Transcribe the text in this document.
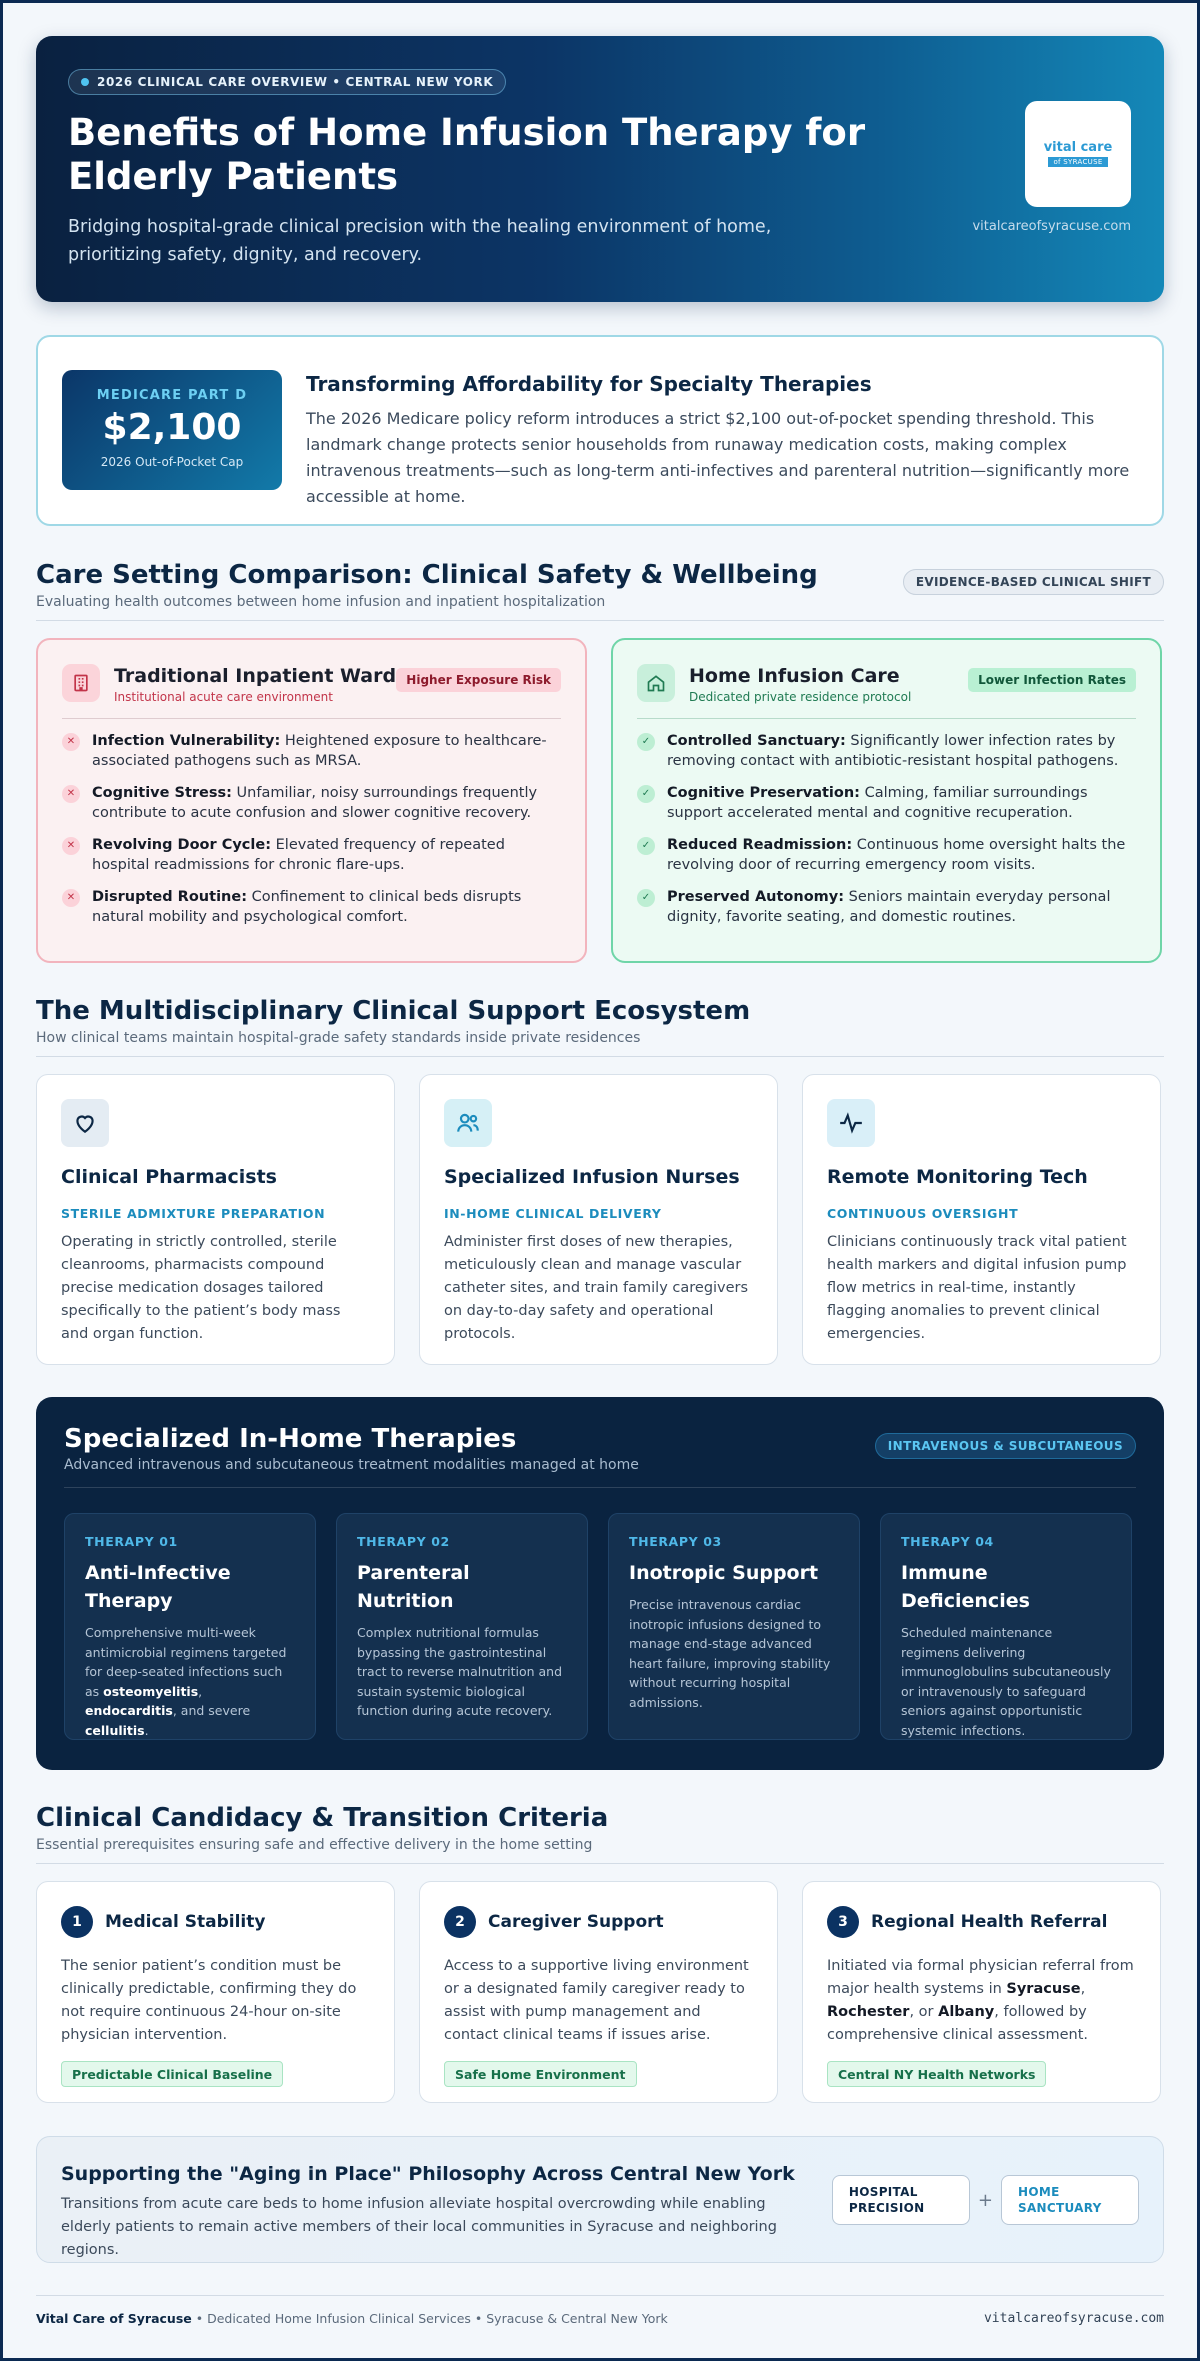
2026 CLINICAL CARE OVERVIEW • CENTRAL NEW YORK
Benefits of Home Infusion Therapy for Elderly Patients

Bridging hospital-grade clinical precision with the healing environment of home, prioritizing safety, dignity, and recovery.

vital care
of SYRACUSE
vitalcareofsyracuse.com
MEDICARE PART D
$2,100
2026 Out-of-Pocket Cap
Transforming Affordability for Specialty Therapies

The 2026 Medicare policy reform introduces a strict $2,100 out-of-pocket spending threshold. This landmark change protects senior households from runaway medication costs, making complex intravenous treatments—such as long-term anti-infectives and parenteral nutrition—significantly more accessible at home.

Care Setting Comparison: Clinical Safety & Wellbeing
Evaluating health outcomes between home infusion and inpatient hospitalization
EVIDENCE-BASED CLINICAL SHIFT
Traditional Inpatient Ward
Institutional acute care environment
Higher Exposure Risk
✕	Infection Vulnerability: Heightened exposure to healthcare-associated pathogens such as MRSA.
✕	Cognitive Stress: Unfamiliar, noisy surroundings frequently contribute to acute confusion and slower cognitive recovery.
✕	Revolving Door Cycle: Elevated frequency of repeated hospital readmissions for chronic flare-ups.
✕	Disrupted Routine: Confinement to clinical beds disrupts natural mobility and psychological comfort.
Home Infusion Care
Dedicated private residence protocol
Lower Infection Rates
✓	Controlled Sanctuary: Significantly lower infection rates by removing contact with antibiotic-resistant hospital pathogens.
✓	Cognitive Preservation: Calming, familiar surroundings support accelerated mental and cognitive recuperation.
✓	Reduced Readmission: Continuous home oversight halts the revolving door of recurring emergency room visits.
✓	Preserved Autonomy: Seniors maintain everyday personal dignity, favorite seating, and domestic routines.
The Multidisciplinary Clinical Support Ecosystem
How clinical teams maintain hospital-grade safety standards inside private residences
Clinical Pharmacists
STERILE ADMIXTURE PREPARATION

Operating in strictly controlled, sterile cleanrooms, pharmacists compound precise medication dosages tailored specifically to the patient’s body mass and organ function.

Specialized Infusion Nurses
IN-HOME CLINICAL DELIVERY

Administer first doses of new therapies, meticulously clean and manage vascular catheter sites, and train family caregivers on day-to-day safety and operational protocols.

Remote Monitoring Tech
CONTINUOUS OVERSIGHT

Clinicians continuously track vital patient health markers and digital infusion pump flow metrics in real-time, instantly flagging anomalies to prevent clinical emergencies.

Specialized In-Home Therapies
Advanced intravenous and subcutaneous treatment modalities managed at home
INTRAVENOUS & SUBCUTANEOUS
THERAPY 01
Anti-Infective Therapy

Comprehensive multi-week antimicrobial regimens targeted for deep-seated infections such as osteomyelitis, endocarditis, and severe cellulitis.

THERAPY 02
Parenteral Nutrition

Complex nutritional formulas bypassing the gastrointestinal tract to reverse malnutrition and sustain systemic biological function during acute recovery.

THERAPY 03
Inotropic Support

Precise intravenous cardiac inotropic infusions designed to manage end-stage advanced heart failure, improving stability without recurring hospital admissions.

THERAPY 04
Immune Deficiencies

Scheduled maintenance regimens delivering immunoglobulins subcutaneously or intravenously to safeguard seniors against opportunistic systemic infections.

Clinical Candidacy & Transition Criteria
Essential prerequisites ensuring safe and effective delivery in the home setting
1	Medical Stability

The senior patient’s condition must be clinically predictable, confirming they do not require continuous 24-hour on-site physician intervention.

Predictable Clinical Baseline
2	Caregiver Support

Access to a supportive living environment or a designated family caregiver ready to assist with pump management and contact clinical teams if issues arise.

Safe Home Environment
3	Regional Health Referral

Initiated via formal physician referral from major health systems in Syracuse, Rochester, or Albany, followed by comprehensive clinical assessment.

Central NY Health Networks
Supporting the "Aging in Place" Philosophy Across Central New York

Transitions from acute care beds to home infusion alleviate hospital overcrowding while enabling elderly patients to remain active members of their local communities in Syracuse and neighboring regions.

HOSPITAL PRECISION	+	HOME SANCTUARY
Vital Care of Syracuse • Dedicated Home Infusion Clinical Services • Syracuse & Central New York	vitalcareofsyracuse.com
